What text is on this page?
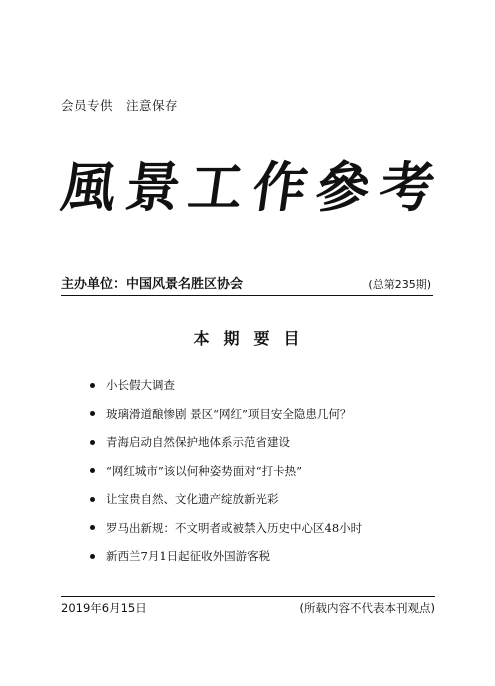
会员专供　注意保存
風 景 工 作 參 考
主办单位：中国风景名胜区协会	(总第235期)
本期要目
小长假大调查
玻璃滑道酿惨剧 景区“网红”项目安全隐患几何？
青海启动自然保护地体系示范省建设
“网红城市”该以何种姿势面对“打卡热”
让宝贵自然、文化遗产绽放新光彩
罗马出新规：不文明者或被禁入历史中心区48小时
新西兰7月1日起征收外国游客税
2019年6月15日	(所载内容不代表本刊观点)
